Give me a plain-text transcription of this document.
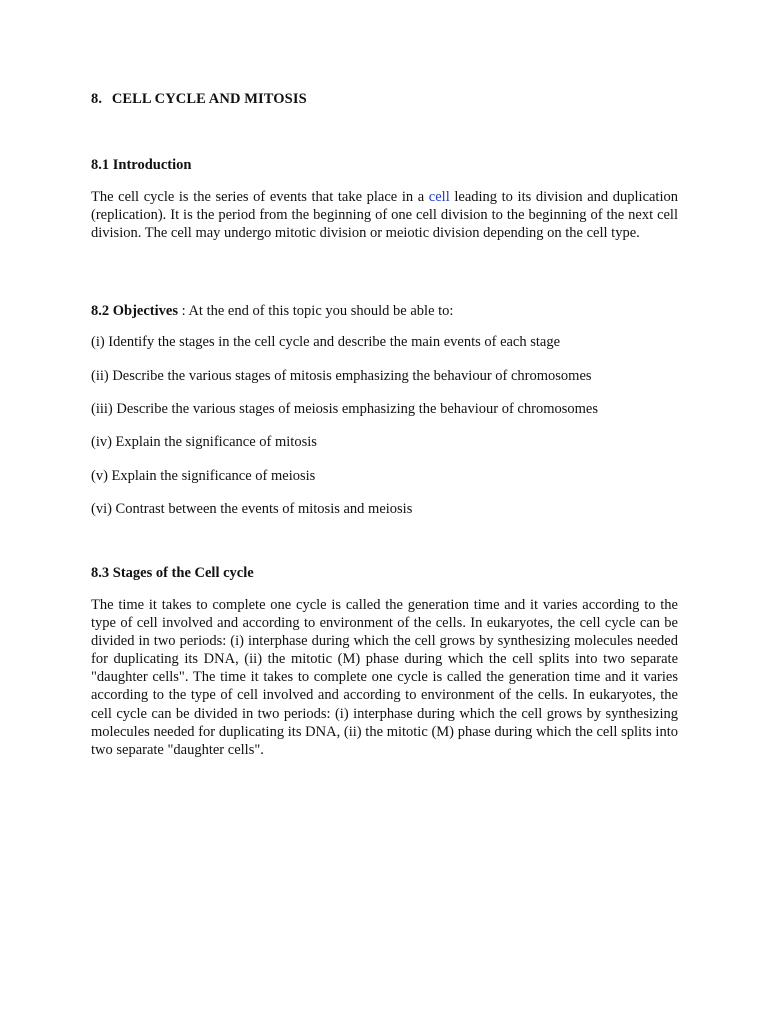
8. CELL CYCLE AND MITOSIS
8.1 Introduction

The cell cycle is the series of events that take place in a cell leading to its division and duplication (replication). It is the period from the beginning of one cell division to the beginning of the next cell division. The cell may undergo mitotic division or meiotic division depending on the cell type.

8.2 Objectives : At the end of this topic you should be able to:
(i) Identify the stages in the cell cycle and describe the main events of each stage
(ii) Describe the various stages of mitosis emphasizing the behaviour of chromosomes
(iii) Describe the various stages of meiosis emphasizing the behaviour of chromosomes
(iv) Explain the significance of mitosis
(v) Explain the significance of meiosis
(vi) Contrast between the events of mitosis and meiosis
8.3 Stages of the Cell cycle

The time it takes to complete one cycle is called the generation time and it varies according to the type of cell involved and according to environment of the cells. In eukaryotes, the cell cycle can be divided in two periods: (i) interphase during which the cell grows by synthesizing molecules needed for duplicating its DNA, (ii) the mitotic (M) phase during which the cell splits into two separate "daughter cells". The time it takes to complete one cycle is called the generation time and it varies according to the type of cell involved and according to environment of the cells. In eukaryotes, the cell cycle can be divided in two periods: (i) interphase during which the cell grows by synthesizing molecules needed for duplicating its DNA, (ii) the mitotic (M) phase during which the cell splits into two separate "daughter cells".
